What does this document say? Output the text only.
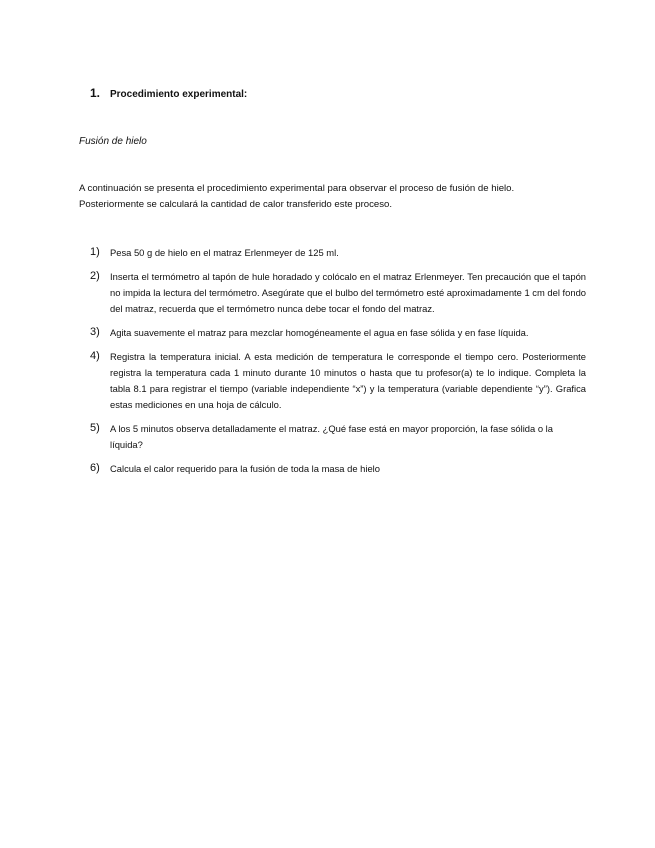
1. Procedimiento experimental:
Fusión de hielo

A continuación se presenta el procedimiento experimental para observar el proceso de fusión de hielo.

Posteriormente se calculará la cantidad de calor transferido este proceso.

1) Pesa 50 g de hielo en el matraz Erlenmeyer de 125 ml.
2) Inserta el termómetro al tapón de hule horadado y colócalo en el matraz Erlenmeyer. Ten precaución que el tapón no impida la lectura del termómetro. Asegúrate que el bulbo del termómetro esté aproximadamente 1 cm del fondo del matraz, recuerda que el termómetro nunca debe tocar el fondo del matraz.
3) Agita suavemente el matraz para mezclar homogéneamente el agua en fase sólida y en fase líquida.
4) Registra la temperatura inicial. A esta medición de temperatura le corresponde el tiempo cero. Posteriormente registra la temperatura cada 1 minuto durante 10 minutos o hasta que tu profesor(a) te lo indique. Completa la tabla 8.1 para registrar el tiempo (variable independiente “x”) y la temperatura (variable dependiente “y”). Grafica estas mediciones en una hoja de cálculo.
5) A los 5 minutos observa detalladamente el matraz. ¿Qué fase está en mayor proporción, la fase sólida o la líquida?
6) Calcula el calor requerido para la fusión de toda la masa de hielo
